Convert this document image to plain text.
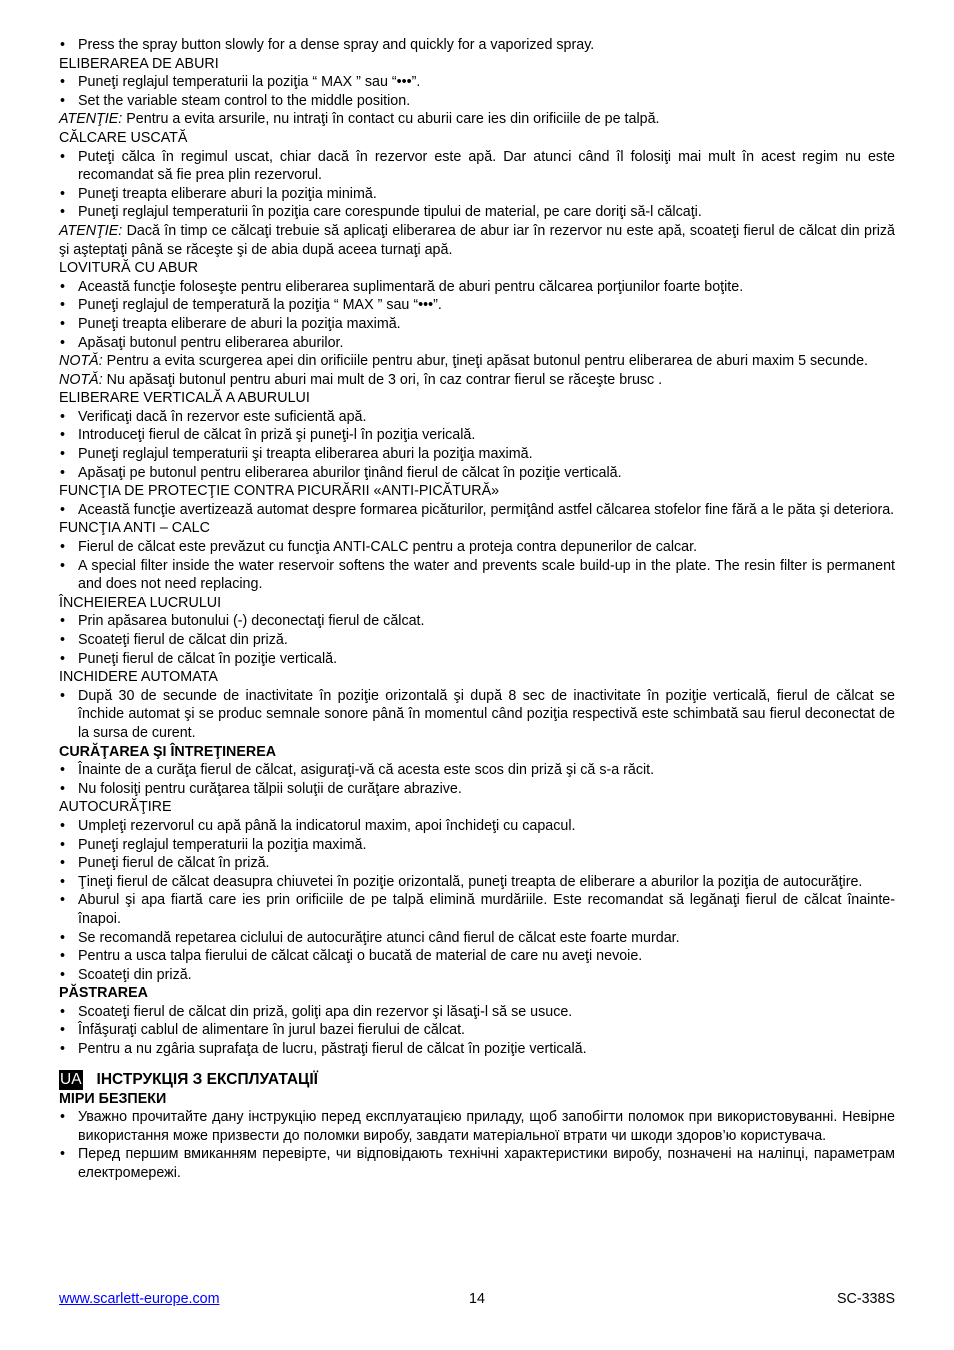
• Press the spray button slowly for a dense spray and quickly for a vaporized spray.
ELIBERAREA DE ABURI
• Puneţi reglajul temperaturii la poziţia “ MAX ” sau “•••”.
• Set the variable steam control to the middle position.
ATENŢIE: Pentru a evita arsurile, nu intraţi în contact cu aburii care ies din orificiile de pe talpă.
CĂLCARE USCATĂ
• Puteţi călca în regimul uscat, chiar dacă în rezervor este apă. Dar atunci când îl folosiţi mai mult în acest regim nu este recomandat să fie prea plin rezervorul.
• Puneţi treapta eliberare aburi la poziţia minimă.
• Puneţi reglajul temperaturii în poziţia care corespunde tipului de material, pe care doriţi să-l călcaţi.
ATENŢIE: Dacă în timp ce călcaţi trebuie să aplicaţi eliberarea de abur iar în rezervor nu este apă, scoateţi fierul de călcat din priză şi aşteptaţi până se răceşte şi de abia după aceea turnaţi apă.
LOVITURĂ CU ABUR
• Această funcţie foloseşte pentru eliberarea suplimentară de aburi pentru călcarea porţiunilor foarte boţite.
• Puneţi reglajul de temperatură la poziţia “ MAX ” sau “•••”.
• Puneţi treapta eliberare de aburi la poziţia maximă.
• Apăsaţi butonul pentru eliberarea aburilor.
NOTĂ: Pentru a evita scurgerea apei din orificiile pentru abur, ţineţi apăsat butonul pentru eliberarea de aburi maxim 5 secunde.
NOTĂ: Nu apăsaţi butonul pentru aburi mai mult de 3 ori, în caz contrar fierul se răceşte brusc .
ELIBERARE VERTICALĂ A ABURULUI
• Verificaţi dacă în rezervor este suficientă apă.
• Introduceţi fierul de călcat în priză şi puneţi-l în poziţia vericală.
• Puneţi reglajul temperaturii şi treapta eliberarea aburi la poziţia maximă.
• Apăsaţi pe butonul pentru eliberarea aburilor ţinând fierul de călcat în poziţie verticală.
FUNCŢIA DE PROTECŢIE CONTRA PICURĂRII «ANTI-PICĂTURĂ»
• Această funcţie avertizează automat despre formarea picăturilor, permiţând astfel călcarea stofelor fine fără a le păta şi deteriora.
FUNCŢIA ANTI – CALC
• Fierul de călcat este prevăzut cu funcţia ANTI-CALC pentru a proteja contra depunerilor de calcar.
• A special filter inside the water reservoir softens the water and prevents scale build-up in the plate. The resin filter is permanent and does not need replacing.
ÎNCHEIEREA LUCRULUI
• Prin apăsarea butonului (-) deconectaţi fierul de călcat.
• Scoateţi fierul de călcat din priză.
• Puneţi fierul de călcat în poziţie verticală.
INCHIDERE AUTOMATA
• După 30 de secunde de inactivitate în poziţie orizontală şi după 8 sec de inactivitate în poziţie verticală, fierul de călcat se închide automat şi se produc semnale sonore până în momentul când poziţia respectivă este schimbată sau fierul deconectat de la sursa de curent.
CURĂŢAREA ŞI ÎNTREŢINEREA
• Înainte de a curăţa fierul de călcat, asiguraţi-vă că acesta este scos din priză şi că s-a răcit.
• Nu folosiţi pentru curăţarea tălpii soluţii de curăţare abrazive.
AUTOCURĂŢIRE
• Umpleţi rezervorul cu apă până la indicatorul maxim, apoi închideţi cu capacul.
• Puneţi reglajul temperaturii la poziţia maximă.
• Puneţi fierul de călcat în priză.
• Ţineţi fierul de călcat deasupra chiuvetei în poziţie orizontală, puneţi treapta de eliberare a aburilor la poziţia de autocurăţire.
• Aburul şi apa fiartă care ies prin orificiile de pe talpă elimină murdăriile. Este recomandat să legănaţi fierul de călcat înainte-înapoi.
• Se recomandă repetarea ciclului de autocurăţire atunci când fierul de călcat este foarte murdar.
• Pentru a usca talpa fierului de călcat călcaţi o bucată de material de care nu aveţi nevoie.
• Scoateţi din priză.
PĂSTRAREA
• Scoateţi fierul de călcat din priză, goliţi apa din rezervor şi lăsaţi-l să se usuce.
• Înfăşuraţi cablul de alimentare în jurul bazei fierului de călcat.
• Pentru a nu zgâria suprafaţa de lucru, păstraţi fierul de călcat în poziţie verticală.
UA ІНСТРУКЦІЯ З ЕКСПЛУАТАЦІЇ
МІРИ БЕЗПЕКИ
• Уважно прочитайте дану інструкцію перед експлуатацією приладу, щоб запобігти поломок при використовуванні. Невірне використання може призвести до поломки виробу, завдати матеріальної втрати чи шкоди здоров’ю користувача.
• Перед першим вмиканням перевірте, чи відповідають технічні характеристики виробу, позначені на наліпці, параметрам електромережі.
www.scarlett-europe.com	14	SC-338S
